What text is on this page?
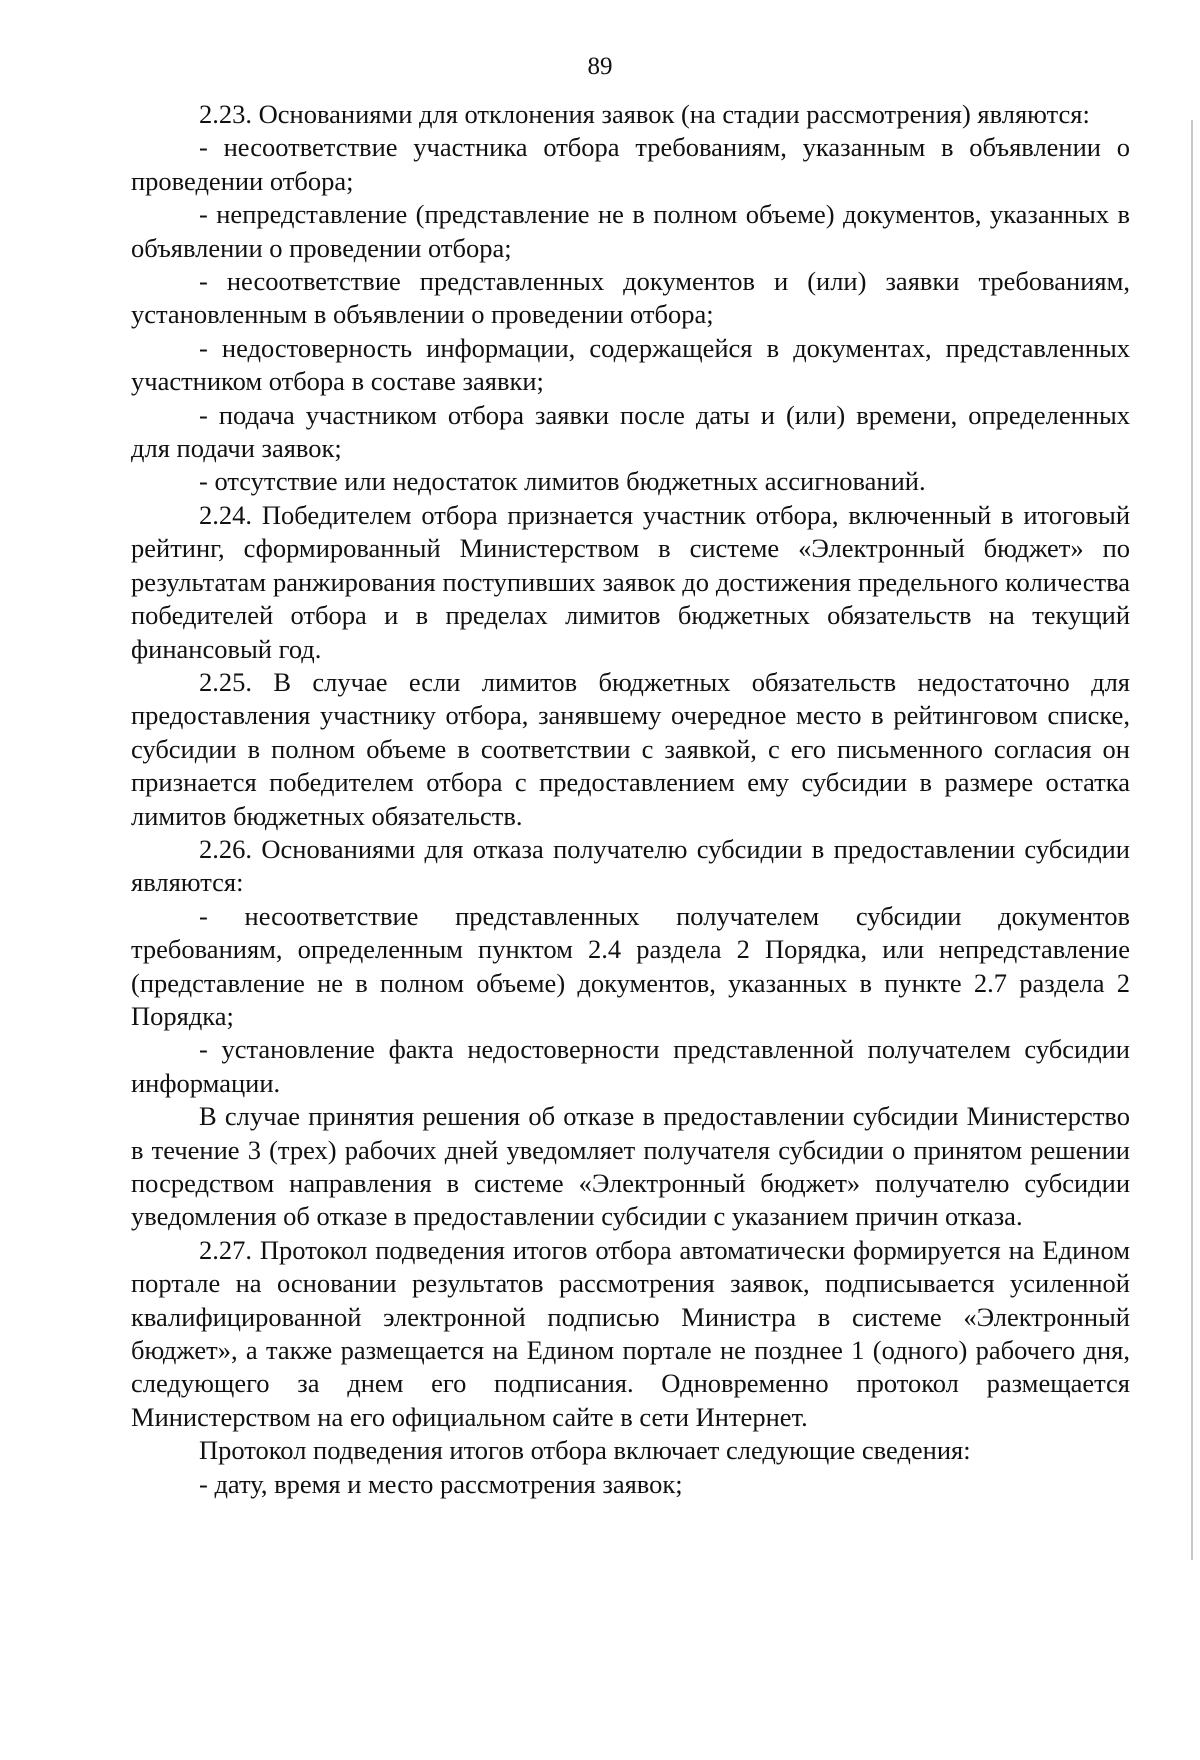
89

2.23. Основаниями для отклонения заявок (на стадии рассмотрения) являются:

- несоответствие участника отбора требованиям, указанным в объявлении о проведении отбора;

- непредставление (представление не в полном объеме) документов, указанных в объявлении о проведении отбора;

- несоответствие представленных документов и (или) заявки требованиям, установленным в объявлении о проведении отбора;

- недостоверность информации, содержащейся в документах, представленных участником отбора в составе заявки;

- подача участником отбора заявки после даты и (или) времени, определенных для подачи заявок;

- отсутствие или недостаток лимитов бюджетных ассигнований.

2.24. Победителем отбора признается участник отбора, включенный в итоговый рейтинг, сформированный Министерством в системе «Электронный бюджет» по результатам ранжирования поступивших заявок до достижения предельного количества победителей отбора и в пределах лимитов бюджетных обязательств на текущий финансовый год.

2.25. В случае если лимитов бюджетных обязательств недостаточно для предоставления участнику отбора, занявшему очередное место в рейтинговом списке, субсидии в полном объеме в соответствии с заявкой, с его письменного согласия он признается победителем отбора с предоставлением ему субсидии в размере остатка лимитов бюджетных обязательств.

2.26. Основаниями для отказа получателю субсидии в предоставлении субсидии являются:

- несоответствие представленных получателем субсидии документов требованиям, определенным пунктом 2.4 раздела 2 Порядка, или непредставление (представление не в полном объеме) документов, указанных в пункте 2.7 раздела 2 Порядка;

- установление факта недостоверности представленной получателем субсидии информации.

В случае принятия решения об отказе в предоставлении субсидии Министерство в течение 3 (трех) рабочих дней уведомляет получателя субсидии о принятом решении посредством направления в системе «Электронный бюджет» получателю субсидии уведомления об отказе в предоставлении субсидии с указанием причин отказа.

2.27. Протокол подведения итогов отбора автоматически формируется на Едином портале на основании результатов рассмотрения заявок, подписывается усиленной квалифицированной электронной подписью Министра в системе «Электронный бюджет», а также размещается на Едином портале не позднее 1 (одного) рабочего дня, следующего за днем его подписания. Одновременно протокол размещается Министерством на его официальном сайте в сети Интернет.

Протокол подведения итогов отбора включает следующие сведения:

- дату, время и место рассмотрения заявок;
